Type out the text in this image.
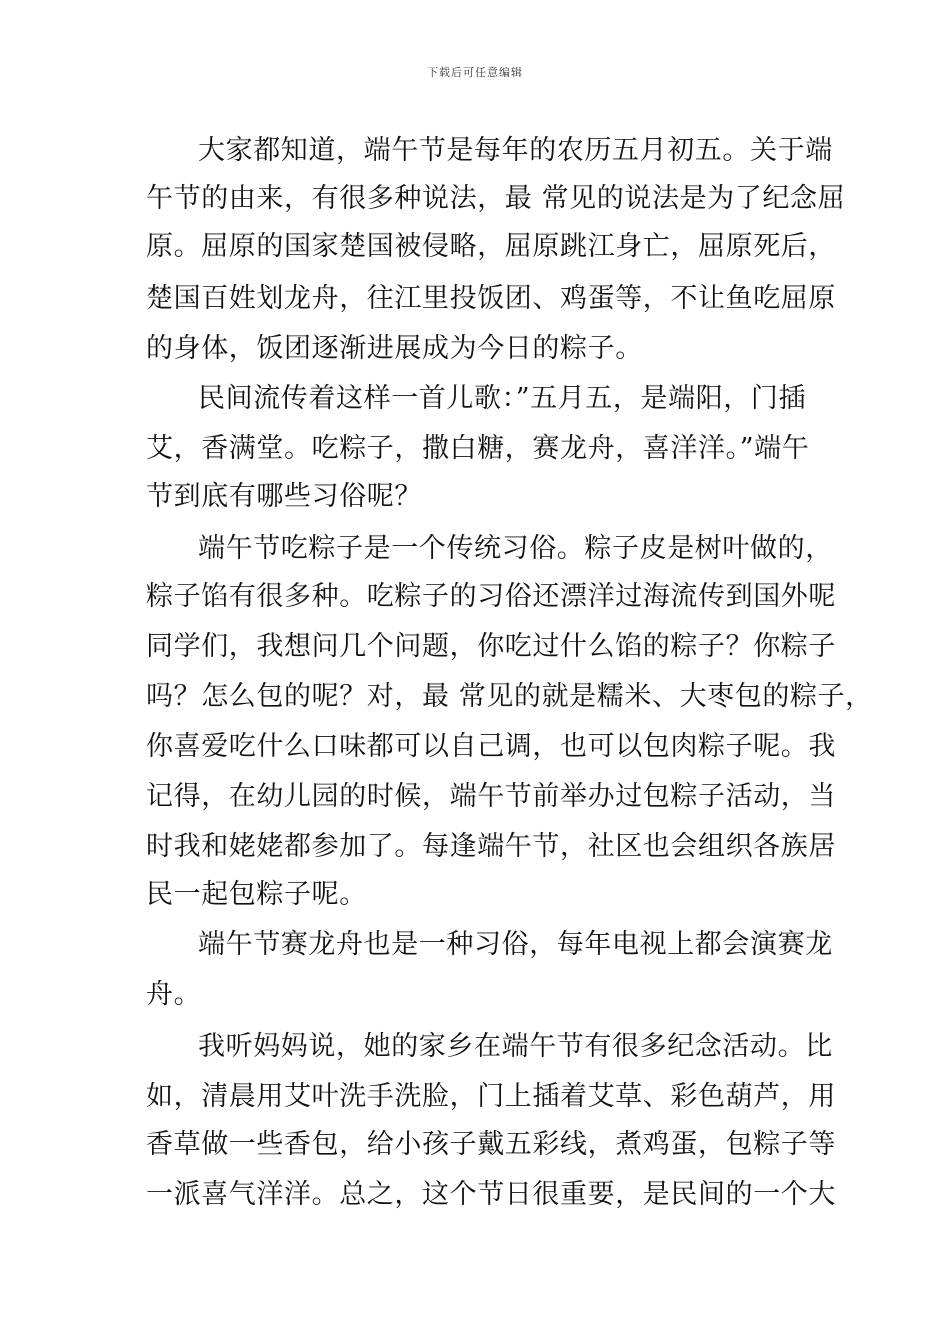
下载后可任意编辑
大家都知道，端午节是每年的农历五月初五。关于端
午节的由来，有很多种说法，最 常见的说法是为了纪念屈
原。屈原的国家楚国被侵略，屈原跳江身亡，屈原死后，
楚国百姓划龙舟，往江里投饭团、鸡蛋等，不让鱼吃屈原
的身体，饭团逐渐进展成为今日的粽子。
民间流传着这样一首儿歌：”五月五，是端阳，门插
艾，香满堂。吃粽子，撒白糖，赛龙舟，喜洋洋。”端午
节到底有哪些习俗呢？
端午节吃粽子是一个传统习俗。粽子皮是树叶做的，
粽子馅有很多种。吃粽子的习俗还漂洋过海流传到国外呢
同学们，我想问几个问题，你吃过什么馅的粽子？你粽子
吗？怎么包的呢？对，最 常见的就是糯米、大枣包的粽子，
你喜爱吃什么口味都可以自己调，也可以包肉粽子呢。我
记得，在幼儿园的时候，端午节前举办过包粽子活动，当
时我和姥姥都参加了。每逢端午节，社区也会组织各族居
民一起包粽子呢。
端午节赛龙舟也是一种习俗，每年电视上都会演赛龙
舟。
我听妈妈说，她的家乡在端午节有很多纪念活动。比
如，清晨用艾叶洗手洗脸，门上插着艾草、彩色葫芦，用
香草做一些香包，给小孩子戴五彩线，煮鸡蛋，包粽子等
一派喜气洋洋。总之，这个节日很重要，是民间的一个大
